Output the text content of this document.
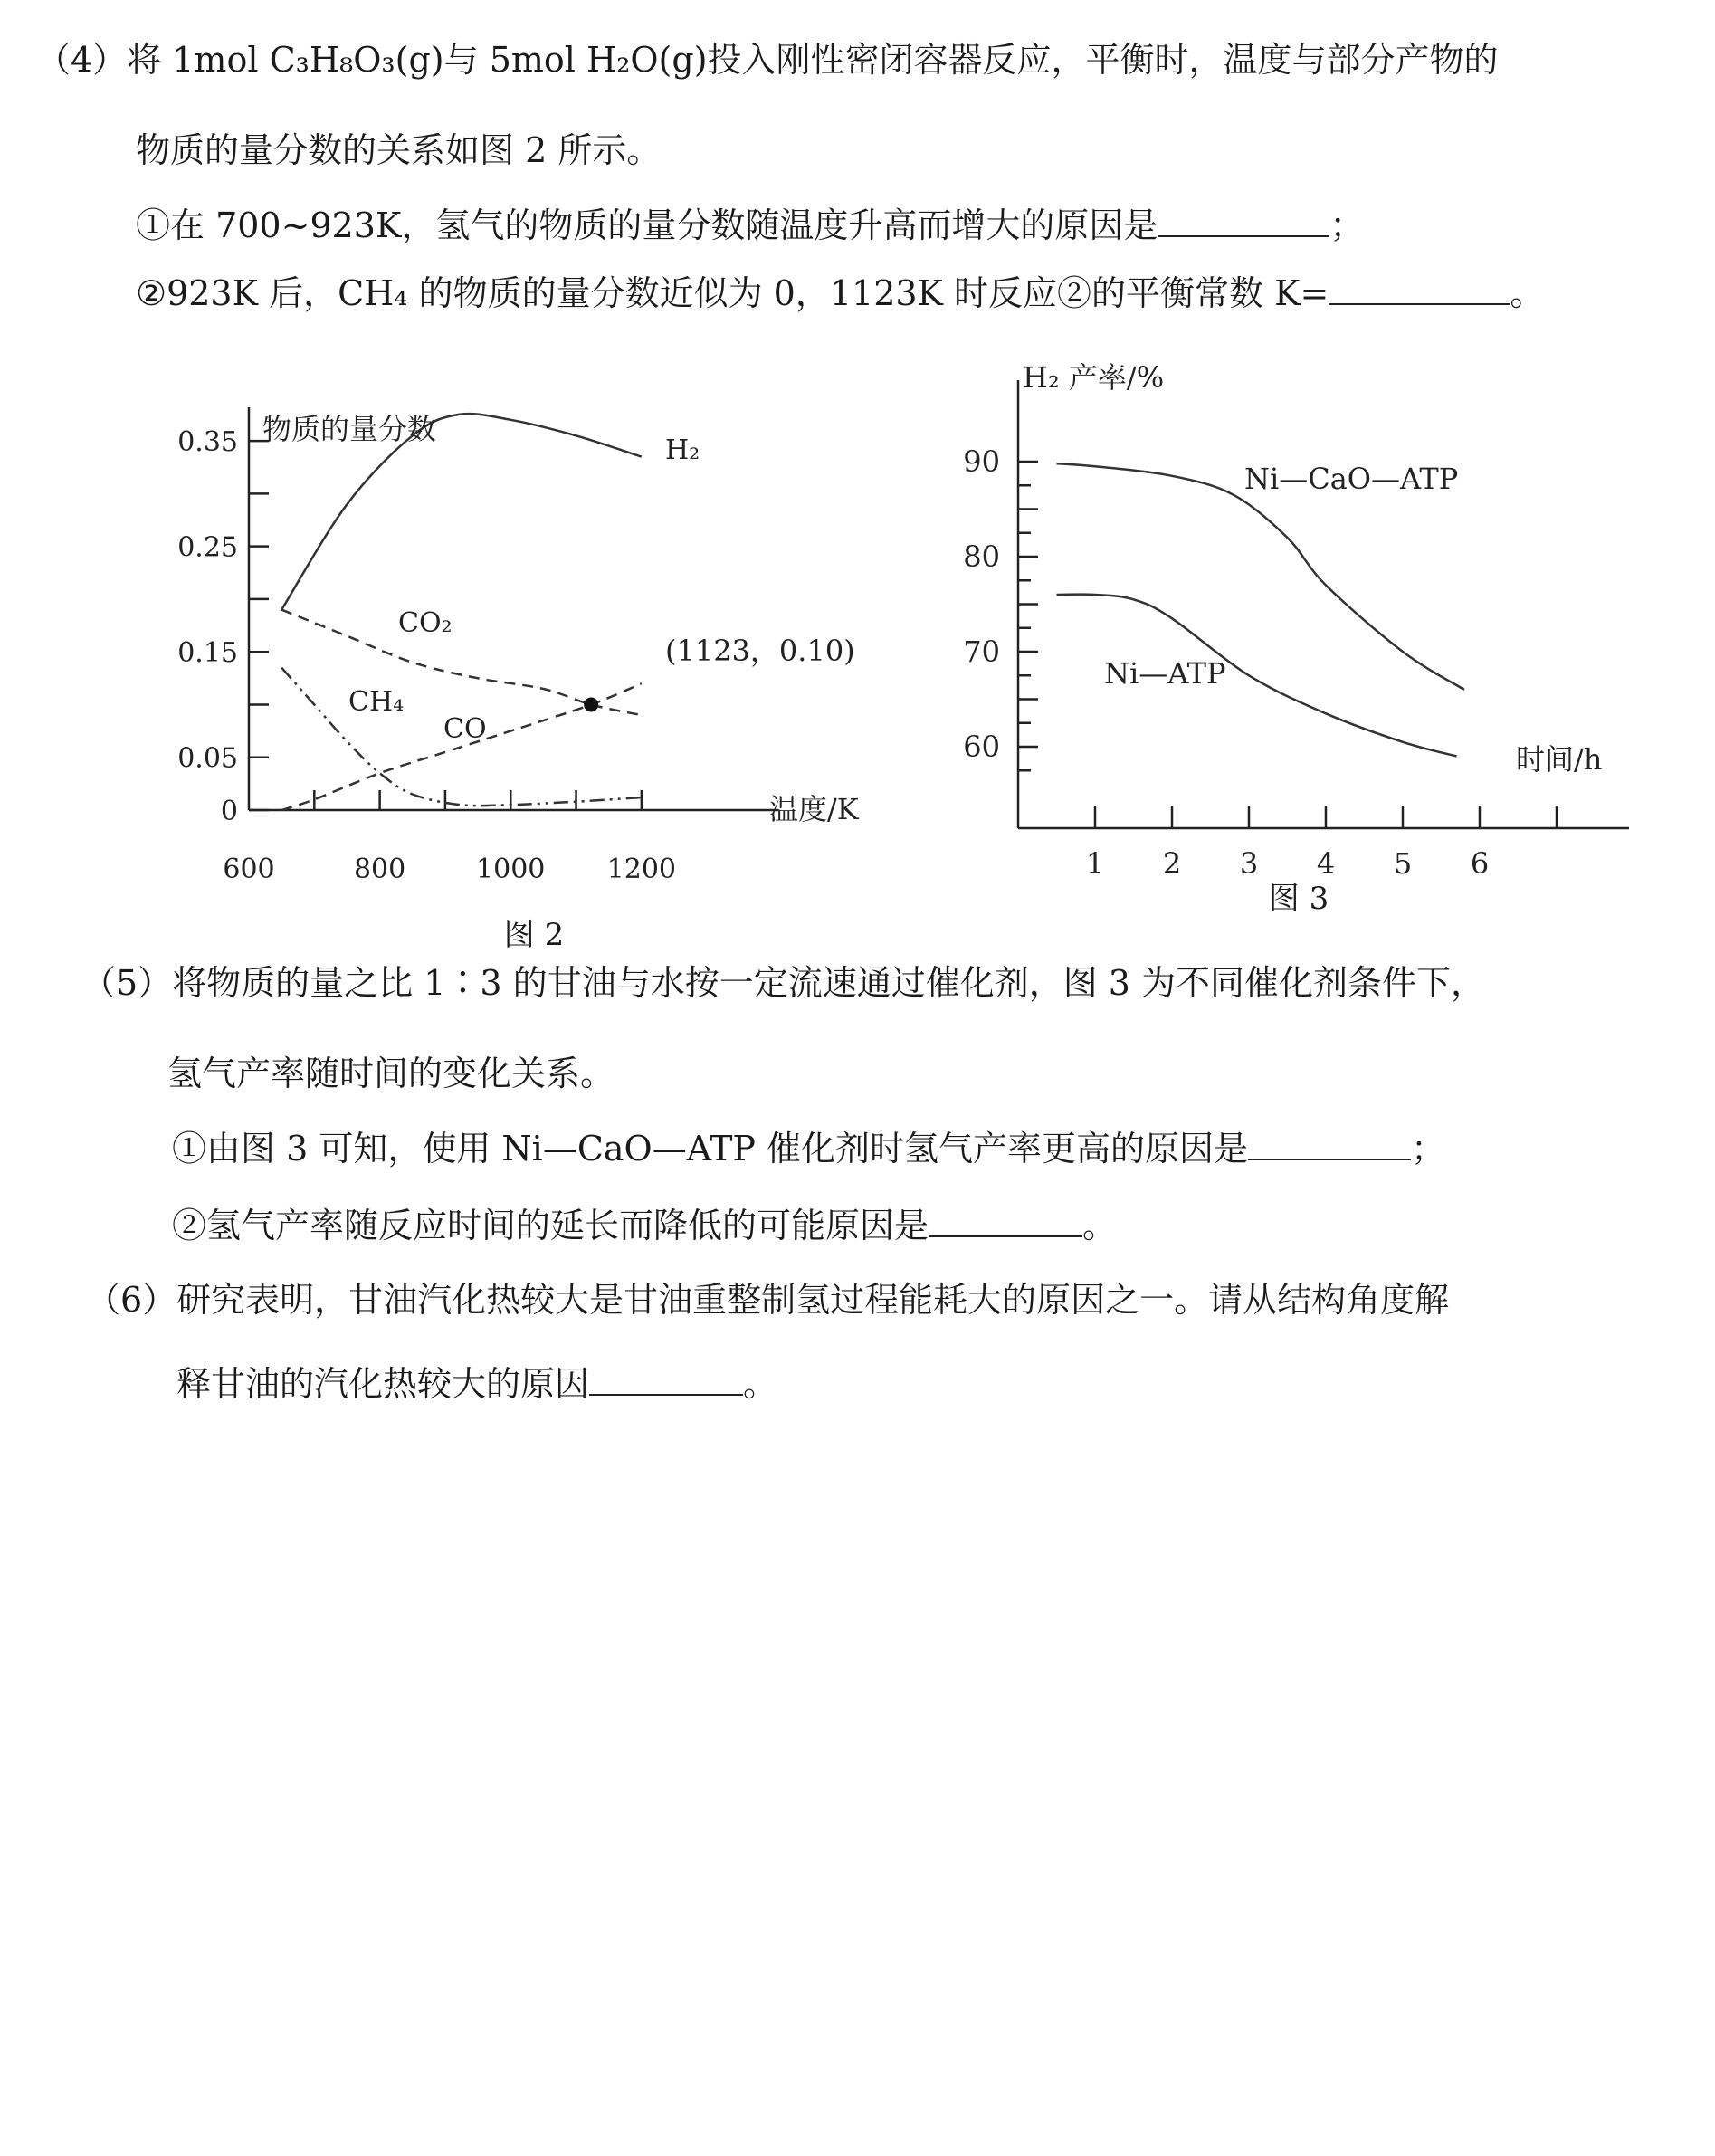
（4）将 1mol C₃H₈O₃(g)与 5mol H₂O(g)投入刚性密闭容器反应，平衡时，温度与部分产物的
物质的量分数的关系如图 2 所示。
①在 700~923K，氢气的物质的量分数随温度升高而增大的原因是	；
②923K 后，CH₄ 的物质的量分数近似为 0，1123K 时反应②的平衡常数 K=	。
0
0.05
0.15
0.25
0.35
600	800	1000 1200
物质的量分数
温度/K
(1123，0.10)
H₂
CO₂
CH₄
CO
图 2
60
70
80
90
1 2 3 4 5 6
H₂ 产率/%
时间/h
Ni—CaO—ATP
Ni—ATP
图 3
（5）将物质的量之比 1∶3 的甘油与水按一定流速通过催化剂，图 3 为不同催化剂条件下，
氢气产率随时间的变化关系。
①由图 3 可知，使用 Ni—CaO—ATP 催化剂时氢气产率更高的原因是	；
②氢气产率随反应时间的延长而降低的可能原因是	。
（6）研究表明，甘油汽化热较大是甘油重整制氢过程能耗大的原因之一。请从结构角度解
释甘油的汽化热较大的原因	。
